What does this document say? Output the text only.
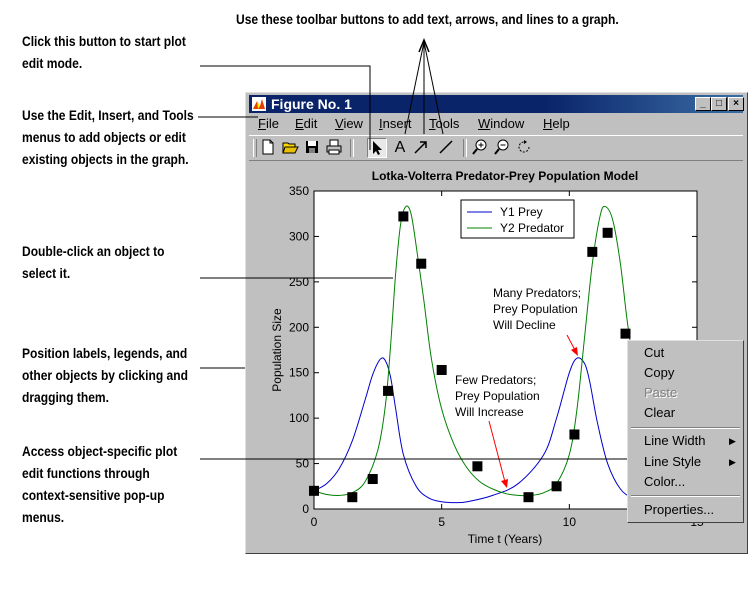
Use these toolbar buttons to add text, arrows, and lines to a graph.
Click this button to start plot
edit mode.
Use the Edit, Insert, and Tools
menus to add objects or edit
existing objects in the graph.
Double-click an object to
select it.
Position labels, legends, and
other objects by clicking and
dragging them.
Access object-specific plot
edit functions through
context-sensitive pop-up
menus.
Figure No. 1	_	□	×
File Edit View Insert Tools Window Help
A
Lotka-Volterra Predator-Prey Population Model
0
50
100
150
200
250
300
350
0	5	10
Time t (Years)
Population Size
Y1 Prey
Y2 Predator
Many Predators;
Prey Population
Will Decline
Few Predators;
Prey Population
Will Increase
Cut
Copy
Paste
Clear
Line Width	▶
Line Style	▶
Color...
Properties...
